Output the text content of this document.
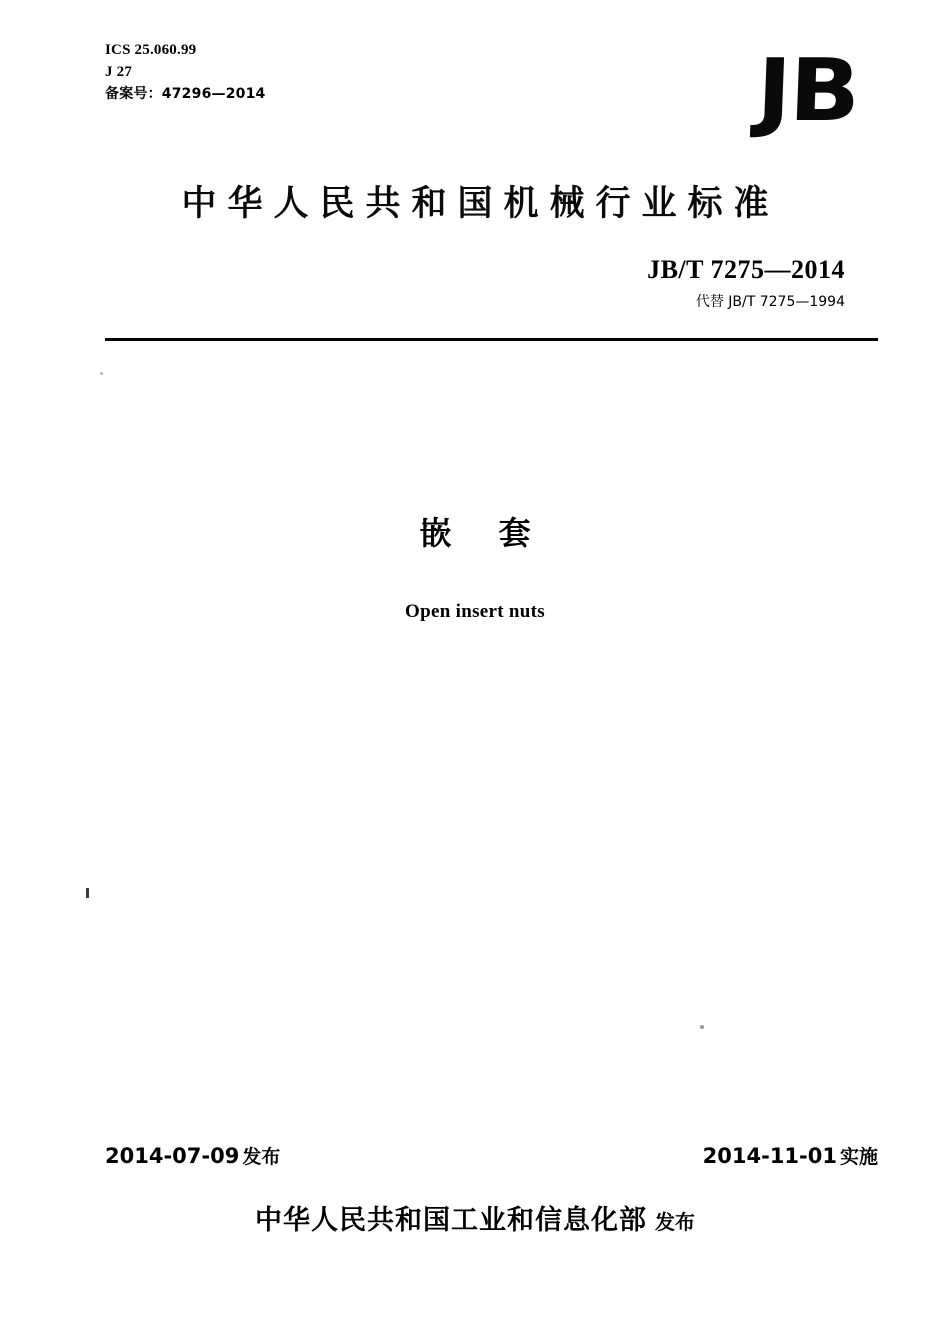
ICS 25.060.99
J 27
备案号：47296—2014	JB
中华人民共和国机械行业标准
JB/T 7275—2014
代替 JB/T 7275—1994
嵌 套
Open insert nuts
2014-07-09 发布	2014-11-01 实施
中华人民共和国工业和信息化部 发布
